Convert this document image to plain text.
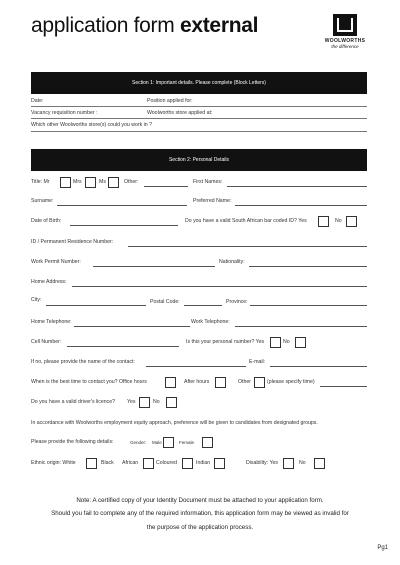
application form external
WOOLWORTHS
the difference
Section 1: Important details. Please complete (Block Letters)
Date:	Position applied for:
Vacancy requisition number :	Woolworths store applied at:
Which other Woolworths store(s) could you work in ?
Section 2: Personal Details
Title: Mr	Mrs	Ms	Other:	First Names:
Surname:	Preferred Name:
Date of Birth:	Do you have a valid South African bar coded ID? Yes	No
ID / Permanent Residence Number:
Work Permit Number:	Nationality:
Home Address:
City:	Postal Code:	Province:
Home Telephone:	Work Telephone:
Cell Number:	Is this your personal number? Yes	No
If no, please provide the name of the contact:	E-mail:
When is the best time to contact you? Office hours	After hours	Other	(please specify time)
Do you have a valid driver's licence? Yes	No
In accordance with Woolworths employment equity approach, preference will be given to candidates from designated groups.
Please provide the following details:	Gender: Male	Female
Ethnic origin: White	Black African	Coloured	Indian	Disability: Yes	No
Note: A certified copy of your Identity Document must be attached to your application form.
Should you fail to complete any of the required information, this application form may be viewed as invalid for
the purpose of the application process.
Pg1
